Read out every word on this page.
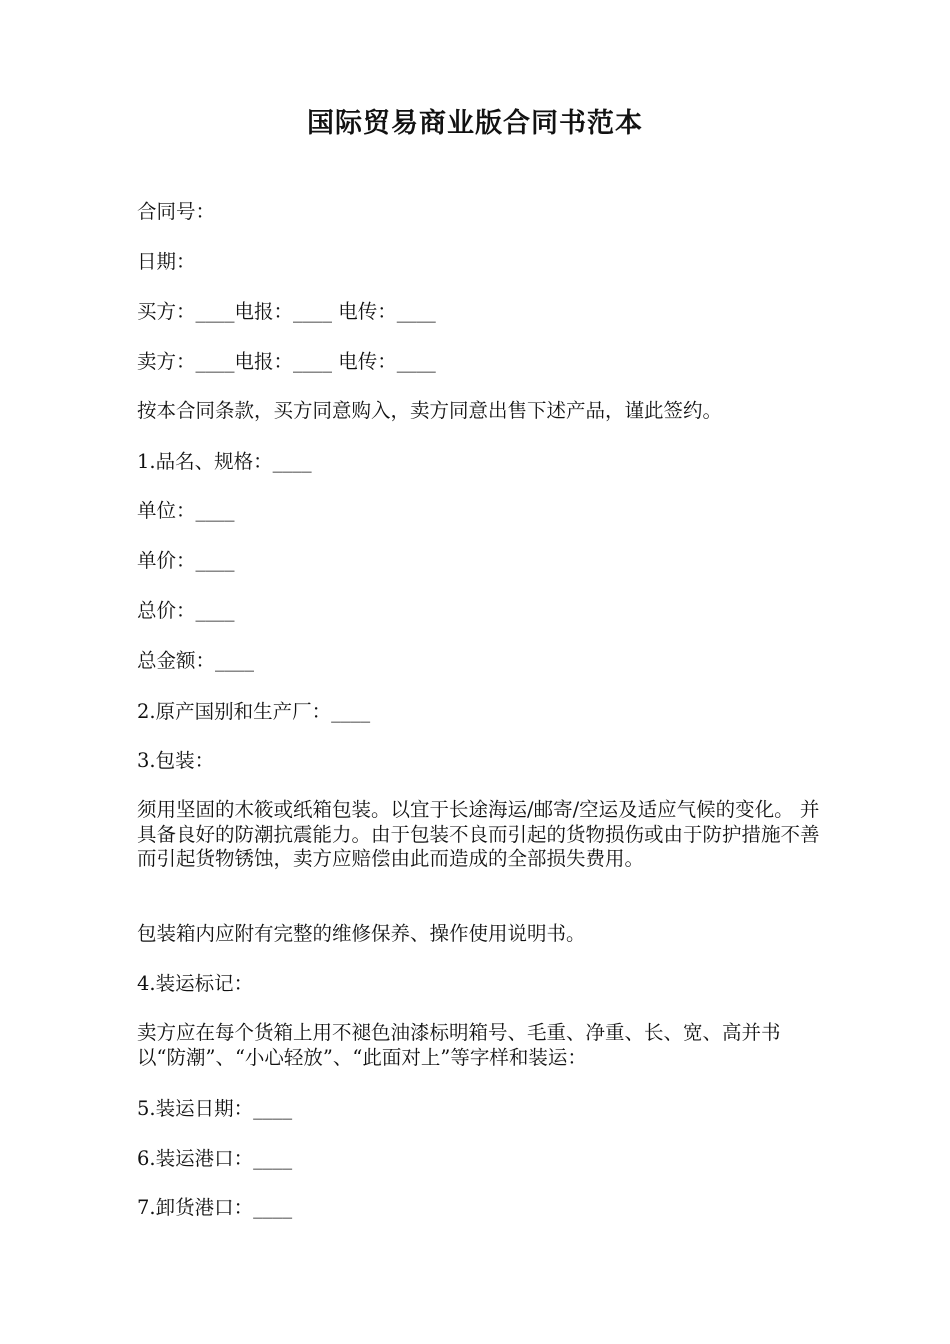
国际贸易商业版合同书范本
合同号：
日期：
买方：____电报：____ 电传：____
卖方：____电报：____ 电传：____
按本合同条款，买方同意购入，卖方同意出售下述产品，谨此签约。
1.品名、规格：____
单位：____
单价：____
总价：____
总金额：____
2.原产国别和生产厂：____
3.包装：
须用坚固的木筱或纸箱包装。以宜于长途海运/邮寄/空运及适应气候的变化。 并具备良好的防潮抗震能力。由于包装不良而引起的货物损伤或由于防护措施不善而引起货物锈蚀，卖方应赔偿由此而造成的全部损失费用。
包装箱内应附有完整的维修保养、操作使用说明书。
4.装运标记：
卖方应在每个货箱上用不褪色油漆标明箱号、毛重、净重、长、宽、高并书以“防潮”、“小心轻放”、“此面对上”等字样和装运：
5.装运日期：____
6.装运港口：____
7.卸货港口：____
